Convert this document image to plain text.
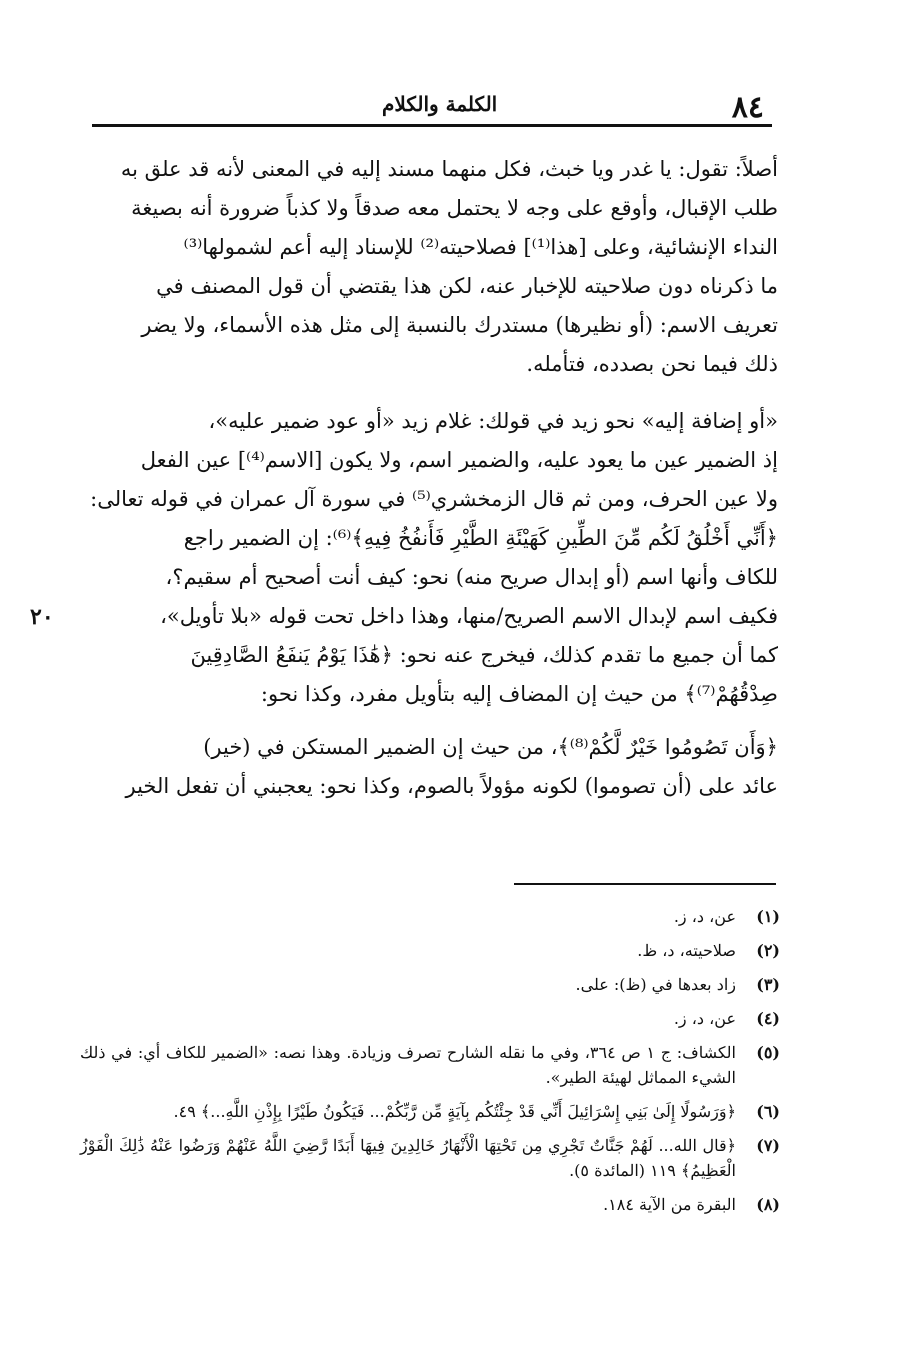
٨٤
الكلمة والكلام

أصلاً: تقول: يا غدر ويا خبث، فكل منهما مسند إليه في المعنى لأنه قد علق به

طلب الإقبال، وأوقع على وجه لا يحتمل معه صدقاً ولا كذباً ضرورة أنه بصيغة

النداء الإنشائية، وعلى [هذا⁽¹⁾] فصلاحيته⁽²⁾ للإسناد إليه أعم لشمولها⁽³⁾

ما ذكرناه دون صلاحيته للإخبار عنه، لكن هذا يقتضي أن قول المصنف في

تعريف الاسم: (أو نظيرها) مستدرك بالنسبة إلى مثل هذه الأسماء، ولا يضر

ذلك فيما نحن بصدده، فتأمله.

«أو إضافة إليه» نحو زيد في قولك: غلام زيد «أو عود ضمير عليه»،

إذ الضمير عين ما يعود عليه، والضمير اسم، ولا يكون [الاسم⁽⁴⁾] عين الفعل

ولا عين الحرف، ومن ثم قال الزمخشري⁽⁵⁾ في سورة آل عمران في قوله تعالى:

﴿أَنِّي أَخْلُقُ لَكُم مِّنَ الطِّينِ كَهَيْئَةِ الطَّيْرِ فَأَنفُخُ فِيهِ﴾⁽⁶⁾: إن الضمير راجع

للكاف وأنها اسم (أو إبدال صريح منه) نحو: كيف أنت أصحيح أم سقيم؟،

فكيف اسم لإبدال الاسم الصريح/منها، وهذا داخل تحت قوله «بلا تأويل»،

كما أن جميع ما تقدم كذلك، فيخرج عنه نحو: ﴿هَٰذَا يَوْمُ يَنفَعُ الصَّادِقِينَ

صِدْقُهُمْ⁽⁷⁾﴾ من حيث إن المضاف إليه بتأويل مفرد، وكذا نحو:

﴿وَأَن تَصُومُوا خَيْرٌ لَّكُمْ⁽⁸⁾﴾، من حيث إن الضمير المستكن في (خير)

عائد على (أن تصوموا) لكونه مؤولاً بالصوم، وكذا نحو: يعجبني أن تفعل الخير

٢٠
(١)
عن، د، ز.
(٢)
صلاحيته، د، ظ.
(٣)
زاد بعدها في (ظ): على.
(٤)
عن، د، ز.
(٥)
الكشاف: ج ١ ص ٣٦٤، وفي ما نقله الشارح تصرف وزيادة. وهذا نصه: «الضمير للكاف أي: في ذلك الشيء المماثل لهيئة الطير».
(٦)
﴿وَرَسُولًا إِلَىٰ بَنِي إِسْرَائِيلَ أَنِّي قَدْ جِئْتُكُم بِآيَةٍ مِّن رَّبِّكُمْ... فَيَكُونُ طَيْرًا بِإِذْنِ اللَّهِ...﴾ ٤٩.
(٧)
﴿قال الله... لَهُمْ جَنَّاتٌ تَجْرِي مِن تَحْتِهَا الْأَنْهَارُ خَالِدِينَ فِيهَا أَبَدًا رَّضِيَ اللَّهُ عَنْهُمْ وَرَضُوا عَنْهُ ذَٰلِكَ الْفَوْزُ الْعَظِيمُ﴾ ١١٩ (المائدة ٥).
(٨)
البقرة من الآية ١٨٤.
